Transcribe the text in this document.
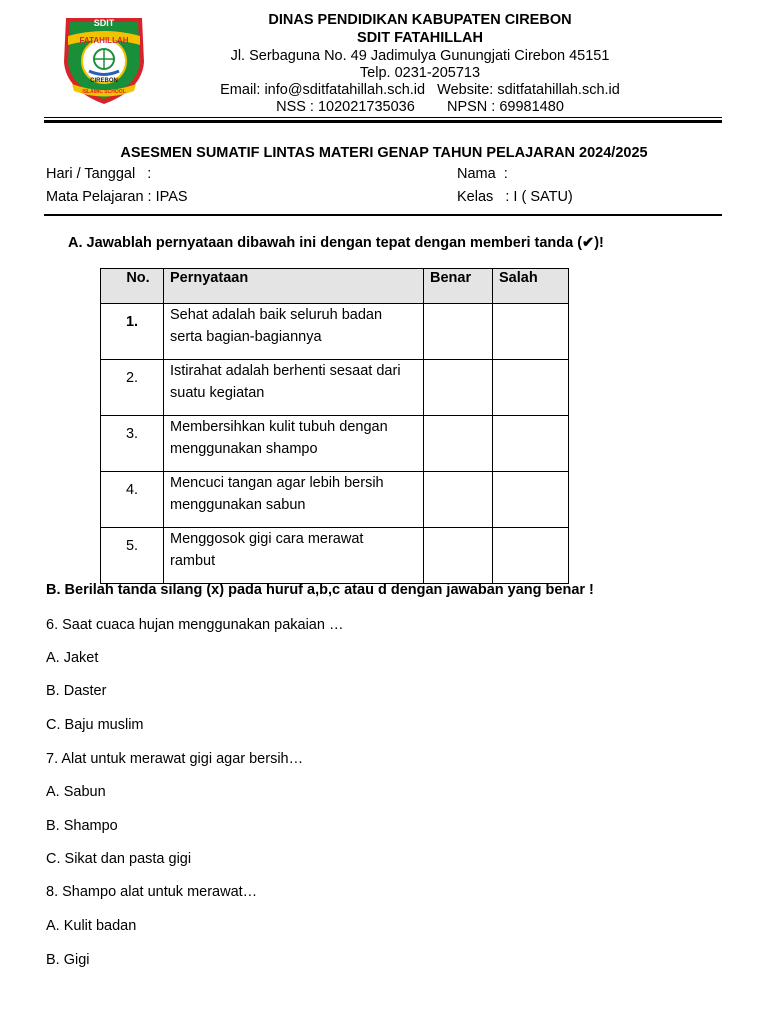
SDIT
FATAHILLAH
CIREBON
ISLAMIC SCHOOL
DINAS PENDIDIKAN KABUPATEN CIREBON
SDIT FATAHILLAH
Jl. Serbaguna No. 49 Jadimulya Gunungjati Cirebon 45151
Telp. 0231-205713
Email: info@sditfatahillah.sch.id   Website: sditfatahillah.sch.id
NSS : 102021735036        NPSN : 69981480
ASESMEN SUMATIF LINTAS MATERI GENAP TAHUN PELAJARAN 2024/2025
Hari / Tanggal   :	Nama  :
Mata Pelajaran : IPAS	Kelas   : I ( SATU)
A. Jawablah pernyataan dibawah ini dengan tepat dengan memberi tanda (✔)!
No.	Pernyataan	Benar	Salah

1.	Sehat adalah baik seluruh badan
serta bagian-bagiannya		

2.	Istirahat adalah berhenti sesaat dari
suatu kegiatan		

3.	Membersihkan kulit tubuh dengan
menggunakan shampo		

4.	Mencuci tangan agar lebih bersih
menggunakan sabun		

5.	Menggosok gigi cara merawat
rambut		

B. Berilah tanda silang (x) pada huruf a,b,c atau d dengan jawaban yang benar !
6. Saat cuaca hujan menggunakan pakaian …
A. Jaket
B. Daster
C. Baju muslim
7. Alat untuk merawat gigi agar bersih…
A. Sabun
B. Shampo
C. Sikat dan pasta gigi
8. Shampo alat untuk merawat…
A. Kulit badan
B. Gigi
